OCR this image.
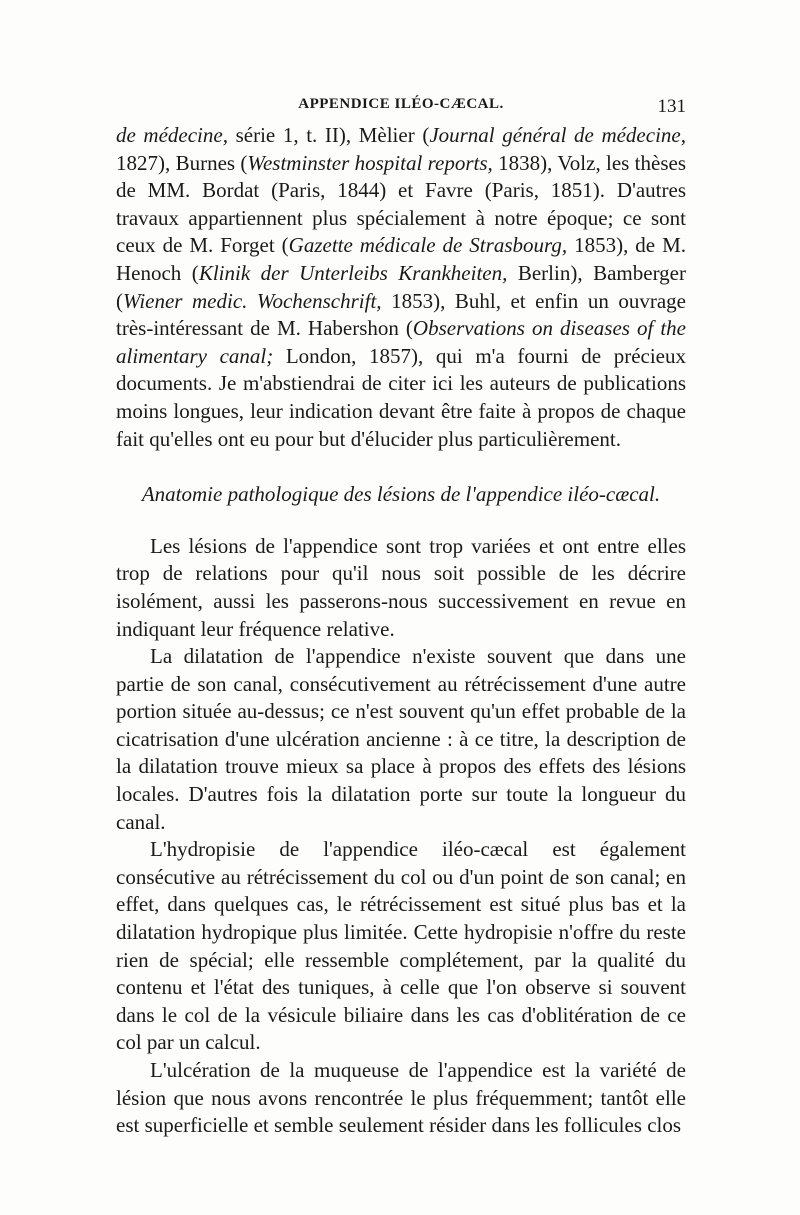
APPENDICE ILÉO-CÆCAL.	131

de médecine, série 1, t. II), Mèlier (Journal général de médecine, 1827), Burnes (Westminster hospital reports, 1838), Volz, les thèses de MM. Bordat (Paris, 1844) et Favre (Paris, 1851). D'autres travaux appartiennent plus spécialement à notre époque; ce sont ceux de M. Forget (Gazette médicale de Strasbourg, 1853), de M. Henoch (Klinik der Unterleibs Krankheiten, Berlin), Bamberger (Wiener medic. Wochenschrift, 1853), Buhl, et enfin un ouvrage très-intéressant de M. Habershon (Observations on diseases of the alimentary canal; London, 1857), qui m'a fourni de précieux documents. Je m'abstiendrai de citer ici les auteurs de publications moins longues, leur indication devant être faite à propos de chaque fait qu'elles ont eu pour but d'élucider plus particulièrement.

Anatomie pathologique des lésions de l'appendice iléo-cæcal.

Les lésions de l'appendice sont trop variées et ont entre elles trop de relations pour qu'il nous soit possible de les décrire isolément, aussi les passerons-nous successivement en revue en indiquant leur fréquence relative.

La dilatation de l'appendice n'existe souvent que dans une partie de son canal, consécutivement au rétrécissement d'une autre portion située au-dessus; ce n'est souvent qu'un effet probable de la cicatrisation d'une ulcération ancienne : à ce titre, la description de la dilatation trouve mieux sa place à propos des effets des lésions locales. D'autres fois la dilatation porte sur toute la longueur du canal.

L'hydropisie de l'appendice iléo-cæcal est également consécutive au rétrécissement du col ou d'un point de son canal; en effet, dans quelques cas, le rétrécissement est situé plus bas et la dilatation hydropique plus limitée. Cette hydropisie n'offre du reste rien de spécial; elle ressemble complétement, par la qualité du contenu et l'état des tuniques, à celle que l'on observe si souvent dans le col de la vésicule biliaire dans les cas d'oblitération de ce col par un calcul.

L'ulcération de la muqueuse de l'appendice est la variété de lésion que nous avons rencontrée le plus fréquemment; tantôt elle est superficielle et semble seulement résider dans les follicules clos
